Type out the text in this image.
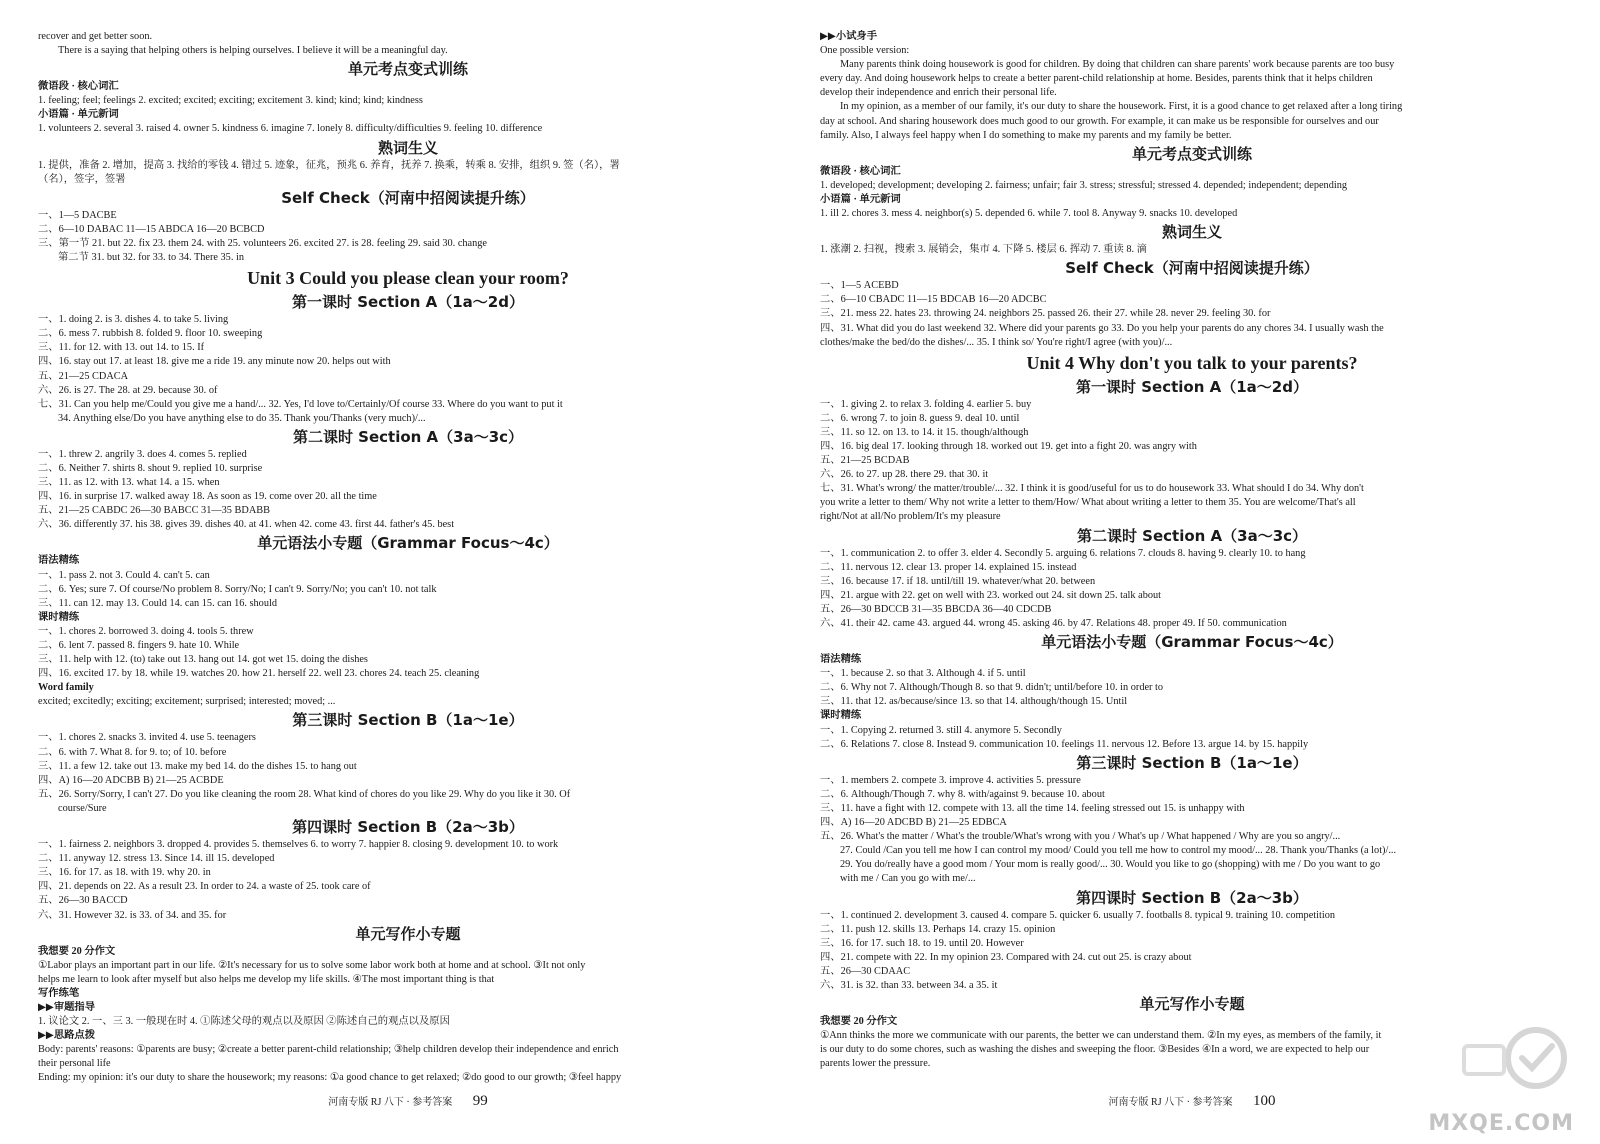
recover and get better soon.
There is a saying that helping others is helping ourselves. I believe it will be a meaningful day.
单元考点变式训练
微语段 · 核心词汇
1. feeling; feel; feelings 2. excited; excited; exciting; excitement 3. kind; kind; kind; kindness
小语篇 · 单元新词
1. volunteers 2. several 3. raised 4. owner 5. kindness 6. imagine 7. lonely 8. difficulty/difficulties 9. feeling 10. difference
熟词生义
1. 提供，准备 2. 增加，提高 3. 找给的零钱 4. 错过 5. 迹象，征兆，预兆 6. 养育，抚养 7. 换乘，转乘 8. 安排，组织 9. 签（名），署
（名），签字，签署
Self Check（河南中招阅读提升练）
一、1—5 DACBE
二、6—10 DABAC 11—15 ABDCA 16—20 BCBCD
三、第一节 21. but 22. fix 23. them 24. with 25. volunteers 26. excited 27. is 28. feeling 29. said 30. change
第二节 31. but 32. for 33. to 34. There 35. in
Unit 3 Could you please clean your room?
第一课时 Section A（1a～2d）
一、1. doing 2. is 3. dishes 4. to take 5. living
二、6. mess 7. rubbish 8. folded 9. floor 10. sweeping
三、11. for 12. with 13. out 14. to 15. If
四、16. stay out 17. at least 18. give me a ride 19. any minute now 20. helps out with
五、21—25 CDACA
六、26. is 27. The 28. at 29. because 30. of
七、31. Can you help me/Could you give me a hand/... 32. Yes, I'd love to/Certainly/Of course 33. Where do you want to put it
34. Anything else/Do you have anything else to do 35. Thank you/Thanks (very much)/...
第二课时 Section A（3a～3c）
一、1. threw 2. angrily 3. does 4. comes 5. replied
二、6. Neither 7. shirts 8. shout 9. replied 10. surprise
三、11. as 12. with 13. what 14. a 15. when
四、16. in surprise 17. walked away 18. As soon as 19. come over 20. all the time
五、21—25 CABDC 26—30 BABCC 31—35 BDABB
六、36. differently 37. his 38. gives 39. dishes 40. at 41. when 42. come 43. first 44. father's 45. best
单元语法小专题（Grammar Focus～4c）
语法精练
一、1. pass 2. not 3. Could 4. can't 5. can
二、6. Yes; sure 7. Of course/No problem 8. Sorry/No; I can't 9. Sorry/No; you can't 10. not talk
三、11. can 12. may 13. Could 14. can 15. can 16. should
课时精练
一、1. chores 2. borrowed 3. doing 4. tools 5. threw
二、6. lent 7. passed 8. fingers 9. hate 10. While
三、11. help with 12. (to) take out 13. hang out 14. got wet 15. doing the dishes
四、16. excited 17. by 18. while 19. watches 20. how 21. herself 22. well 23. chores 24. teach 25. cleaning
Word family
excited; excitedly; exciting; excitement; surprised; interested; moved; ...
第三课时 Section B（1a～1e）
一、1. chores 2. snacks 3. invited 4. use 5. teenagers
二、6. with 7. What 8. for 9. to; of 10. before
三、11. a few 12. take out 13. make my bed 14. do the dishes 15. to hang out
四、A) 16—20 ADCBB B) 21—25 ACBDE
五、26. Sorry/Sorry, I can't 27. Do you like cleaning the room 28. What kind of chores do you like 29. Why do you like it 30. Of
course/Sure
第四课时 Section B（2a～3b）
一、1. fairness 2. neighbors 3. dropped 4. provides 5. themselves 6. to worry 7. happier 8. closing 9. development 10. to work
二、11. anyway 12. stress 13. Since 14. ill 15. developed
三、16. for 17. as 18. with 19. why 20. in
四、21. depends on 22. As a result 23. In order to 24. a waste of 25. took care of
五、26—30 BACCD
六、31. However 32. is 33. of 34. and 35. for
单元写作小专题
我想要 20 分作文
①Labor plays an important part in our life. ②It's necessary for us to solve some labor work both at home and at school. ③It not only
helps me learn to look after myself but also helps me develop my life skills. ④The most important thing is that
写作练笔
▶▶审题指导
1. 议论文 2. 一、三 3. 一般现在时 4. ①陈述父母的观点以及原因 ②陈述自己的观点以及原因
▶▶思路点拨
Body: parents' reasons: ①parents are busy; ②create a better parent-child relationship; ③help children develop their independence and enrich
their personal life
Ending: my opinion: it's our duty to share the housework; my reasons: ①a good chance to get relaxed; ②do good to our growth; ③feel happy
河南专版 RJ 八下 · 参考答案 99
▶▶小试身手
One possible version:
Many parents think doing housework is good for children. By doing that children can share parents' work because parents are too busy
every day. And doing housework helps to create a better parent-child relationship at home. Besides, parents think that it helps children
develop their independence and enrich their personal life.
In my opinion, as a member of our family, it's our duty to share the housework. First, it is a good chance to get relaxed after a long tiring
day at school. And sharing housework does much good to our growth. For example, it can make us be responsible for ourselves and our
family. Also, I always feel happy when I do something to make my parents and my family be better.
单元考点变式训练
微语段 · 核心词汇
1. developed; development; developing 2. fairness; unfair; fair 3. stress; stressful; stressed 4. depended; independent; depending
小语篇 · 单元新词
1. ill 2. chores 3. mess 4. neighbor(s) 5. depended 6. while 7. tool 8. Anyway 9. snacks 10. developed
熟词生义
1. 涨潮 2. 扫视，搜索 3. 展销会，集市 4. 下降 5. 楼层 6. 挥动 7. 重读 8. 滴
Self Check（河南中招阅读提升练）
一、1—5 ACEBD
二、6—10 CBADC 11—15 BDCAB 16—20 ADCBC
三、21. mess 22. hates 23. throwing 24. neighbors 25. passed 26. their 27. while 28. never 29. feeling 30. for
四、31. What did you do last weekend 32. Where did your parents go 33. Do you help your parents do any chores 34. I usually wash the
clothes/make the bed/do the dishes/... 35. I think so/ You're right/I agree (with you)/...
Unit 4 Why don't you talk to your parents?
第一课时 Section A（1a～2d）
一、1. giving 2. to relax 3. folding 4. earlier 5. buy
二、6. wrong 7. to join 8. guess 9. deal 10. until
三、11. so 12. on 13. to 14. it 15. though/although
四、16. big deal 17. looking through 18. worked out 19. get into a fight 20. was angry with
五、21—25 BCDAB
六、26. to 27. up 28. there 29. that 30. it
七、31. What's wrong/ the matter/trouble/... 32. I think it is good/useful for us to do housework 33. What should I do 34. Why don't
you write a letter to them/ Why not write a letter to them/How/ What about writing a letter to them 35. You are welcome/That's all
right/Not at all/No problem/It's my pleasure
第二课时 Section A（3a～3c）
一、1. communication 2. to offer 3. elder 4. Secondly 5. arguing 6. relations 7. clouds 8. having 9. clearly 10. to hang
二、11. nervous 12. clear 13. proper 14. explained 15. instead
三、16. because 17. if 18. until/till 19. whatever/what 20. between
四、21. argue with 22. get on well with 23. worked out 24. sit down 25. talk about
五、26—30 BDCCB 31—35 BBCDA 36—40 CDCDB
六、41. their 42. came 43. argued 44. wrong 45. asking 46. by 47. Relations 48. proper 49. If 50. communication
单元语法小专题（Grammar Focus～4c）
语法精练
一、1. because 2. so that 3. Although 4. if 5. until
二、6. Why not 7. Although/Though 8. so that 9. didn't; until/before 10. in order to
三、11. that 12. as/because/since 13. so that 14. although/though 15. Until
课时精练
一、1. Copying 2. returned 3. still 4. anymore 5. Secondly
二、6. Relations 7. close 8. Instead 9. communication 10. feelings 11. nervous 12. Before 13. argue 14. by 15. happily
第三课时 Section B（1a～1e）
一、1. members 2. compete 3. improve 4. activities 5. pressure
二、6. Although/Though 7. why 8. with/against 9. because 10. about
三、11. have a fight with 12. compete with 13. all the time 14. feeling stressed out 15. is unhappy with
四、A) 16—20 ADCBD B) 21—25 EDBCA
五、26. What's the matter / What's the trouble/What's wrong with you / What's up / What happened / Why are you so angry/...
27. Could /Can you tell me how I can control my mood/ Could you tell me how to control my mood/... 28. Thank you/Thanks (a lot)/...
29. You do/really have a good mom / Your mom is really good/... 30. Would you like to go (shopping) with me / Do you want to go
with me / Can you go with me/...
第四课时 Section B（2a～3b）
一、1. continued 2. development 3. caused 4. compare 5. quicker 6. usually 7. footballs 8. typical 9. training 10. competition
二、11. push 12. skills 13. Perhaps 14. crazy 15. opinion
三、16. for 17. such 18. to 19. until 20. However
四、21. compete with 22. In my opinion 23. Compared with 24. cut out 25. is crazy about
五、26—30 CDAAC
六、31. is 32. than 33. between 34. a 35. it
单元写作小专题
我想要 20 分作文
①Ann thinks the more we communicate with our parents, the better we can understand them. ②In my eyes, as members of the family, it
is our duty to do some chores, such as washing the dishes and sweeping the floor. ③Besides ④In a word, we are expected to help our
parents lower the pressure.
河南专版 RJ 八下 · 参考答案 100
MXQE.COM
